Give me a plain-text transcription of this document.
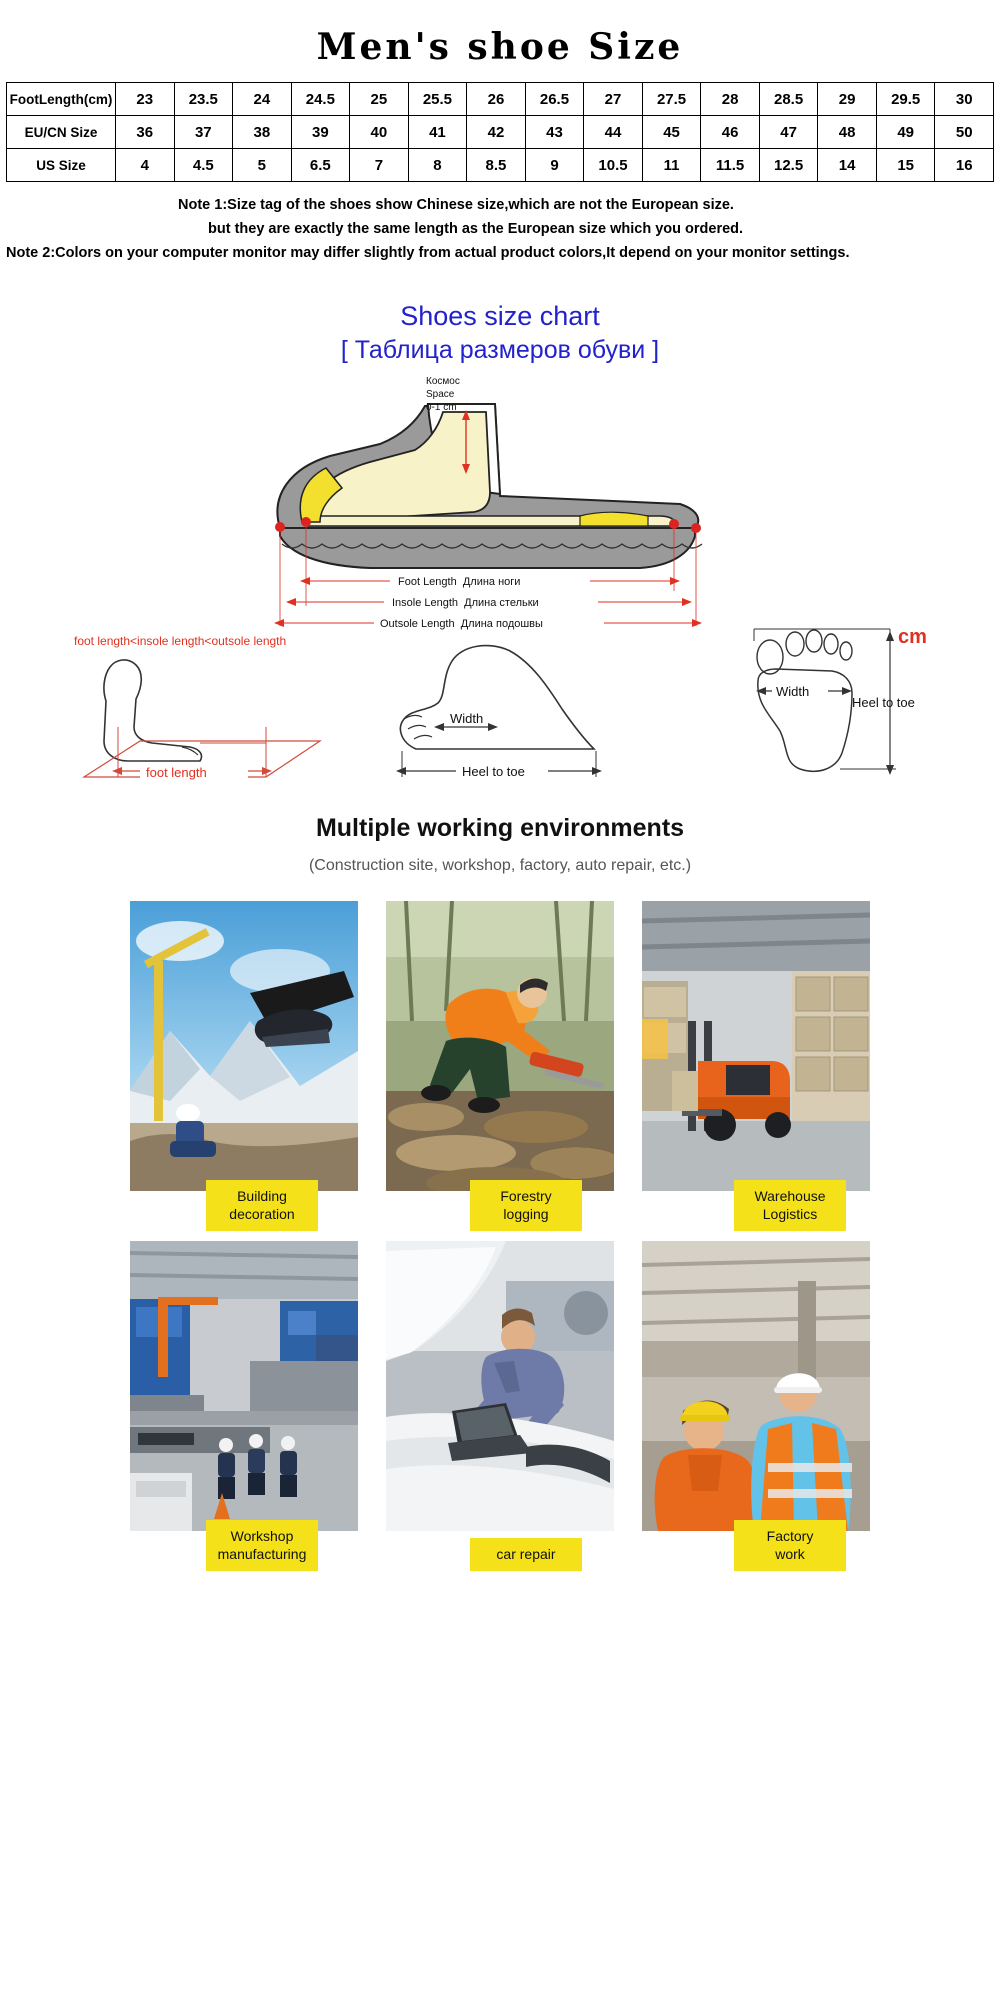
Men's shoe Size
FootLength(cm)	23	23.5	24	24.5	25	25.5	26	26.5	27	27.5	28	28.5	29	29.5	30
EU/CN Size	36	37	38	39	40	41	42	43	44	45	46	47	48	49	50
US Size	4	4.5	5	6.5	7	8	8.5	9	10.5	11	11.5	12.5	14	15	16
Note 1:Size tag of the shoes show Chinese size,which are not the European size.
but they are exactly the same length as the European size which you ordered.
Note 2:Colors on your computer monitor may differ slightly from actual product colors,It depend on your monitor settings.
Shoes size chart
[ Таблица размеров обуви ]
Космос
Space
0-1 cm
Foot Length  Длина ноги
Insole Length  Длина стельки
Outsole Length  Длина подошвы
foot length<insole length<outsole length
foot length
Width
Heel to toe
Width
cm
Heel to toe
Multiple working environments
(Construction site, workshop, factory, auto repair, etc.)
Building
decoration
Forestry
logging
Warehouse
Logistics
Workshop
manufacturing	car repair
Factory
work
